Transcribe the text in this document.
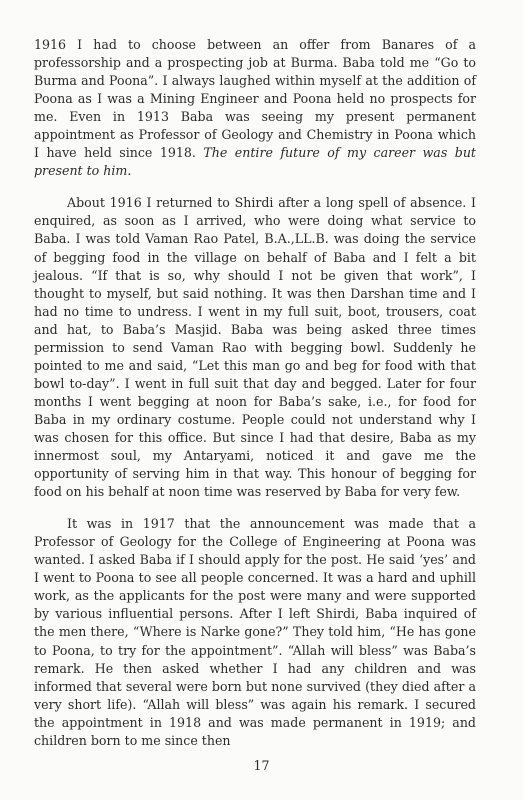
1916 I had to choose between an offer from Banares of a professorship and a prospecting job at Burma. Baba told me “Go to Burma and Poona”. I always laughed within myself at the addition of Poona as I was a Mining Engineer and Poona held no prospects for me. Even in 1913 Baba was seeing my present permanent appointment as Professor of Geology and Chemistry in Poona which I have held since 1918. The entire future of my career was but present to him.

About 1916 I returned to Shirdi after a long spell of absence. I enquired, as soon as I arrived, who were doing what service to Baba. I was told Vaman Rao Patel, B.A.,LL.B. was doing the service of begging food in the village on behalf of Baba and I felt a bit jealous. “If that is so, why should I not be given that work”, I thought to myself, but said nothing. It was then Darshan time and I had no time to undress. I went in my full suit, boot, trousers, coat and hat, to Baba’s Masjid. Baba was being asked three times permission to send Vaman Rao with begging bowl. Suddenly he pointed to me and said, “Let this man go and beg for food with that bowl to-day”. I went in full suit that day and begged. Later for four months I went begging at noon for Baba’s sake, i.e., for food for Baba in my ordinary costume. People could not understand why I was chosen for this office. But since I had that desire, Baba as my innermost soul, my Antaryami, noticed it and gave me the opportunity of serving him in that way. This honour of begging for food on his behalf at noon time was reserved by Baba for very few.

It was in 1917 that the announcement was made that a Professor of Geology for the College of Engineering at Poona was wanted. I asked Baba if I should apply for the post. He said ‘yes’ and I went to Poona to see all people concerned. It was a hard and uphill work, as the applicants for the post were many and were supported by various influential persons. After I left Shirdi, Baba inquired of the men there, “Where is Narke gone?” They told him, “He has gone to Poona, to try for the appointment”. “Allah will bless” was Baba’s remark. He then asked whether I had any children and was informed that several were born but none survived (they died after a very short life). “Allah will bless” was again his remark. I secured the appointment in 1918 and was made permanent in 1919; and children born to me since then

17
